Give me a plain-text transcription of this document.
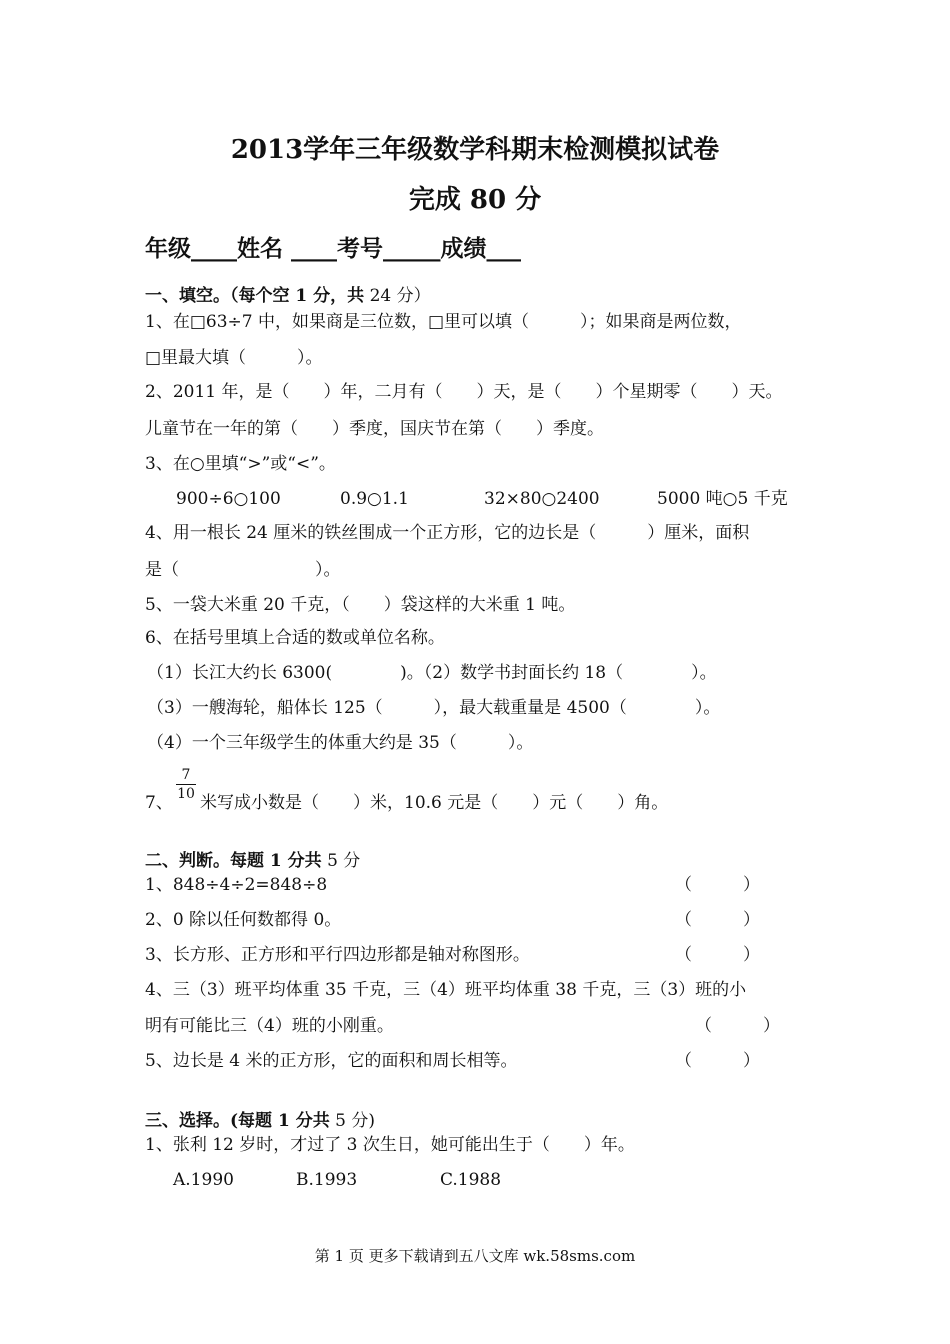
2013学年三年级数学科期末检测模拟试卷
完成 80 分
年级____姓名 ____考号_____成绩___
一、填空。（每个空 1 分，共 24 分）
1、在□63÷7 中，如果商是三位数，□里可以填（　　　）；如果商是两位数，
□里最大填（　　　）。
2、2011 年，是（　　）年，二月有（　　）天，是（　　）个星期零（　　）天。
儿童节在一年的第（　　）季度，国庆节在第（　　）季度。
3、在○里填“>”或“<”。
900÷6○100	0.9○1.1	32×80○2400	5000 吨○5 千克
4、用一根长 24 厘米的铁丝围成一个正方形，它的边长是（　　　）厘米，面积
是（　　　　　　　　）。
5、一袋大米重 20 千克，（　　）袋这样的大米重 1 吨。
6、在括号里填上合适的数或单位名称。
（1）长江大约长 6300(　　　　)。（2）数学书封面长约 18（　　　　）。
（3）一艘海轮，船体长 125（　　　），最大载重量是 4500（　　　　）。
（4）一个三年级学生的体重大约是 35（　　　）。
7、
7
10 米写成小数是（　　）米，10.6 元是（　　）元（　　）角。
二、判断。每题 1 分共 5 分
1、848÷4÷2=848÷8	（　　　）
2、0 除以任何数都得 0。	（　　　）
3、长方形、正方形和平行四边形都是轴对称图形。	（　　　）
4、三（3）班平均体重 35 千克，三（4）班平均体重 38 千克，三（3）班的小
明有可能比三（4）班的小刚重。	（　　　）
5、边长是 4 米的正方形，它的面积和周长相等。	（　　　）
三、选择。(每题 1 分共 5 分)
1、张利 12 岁时，才过了 3 次生日，她可能出生于（　　）年。
A.1990	B.1993	C.1988
第 1 页 更多下载请到五八文库 wk.58sms.com
